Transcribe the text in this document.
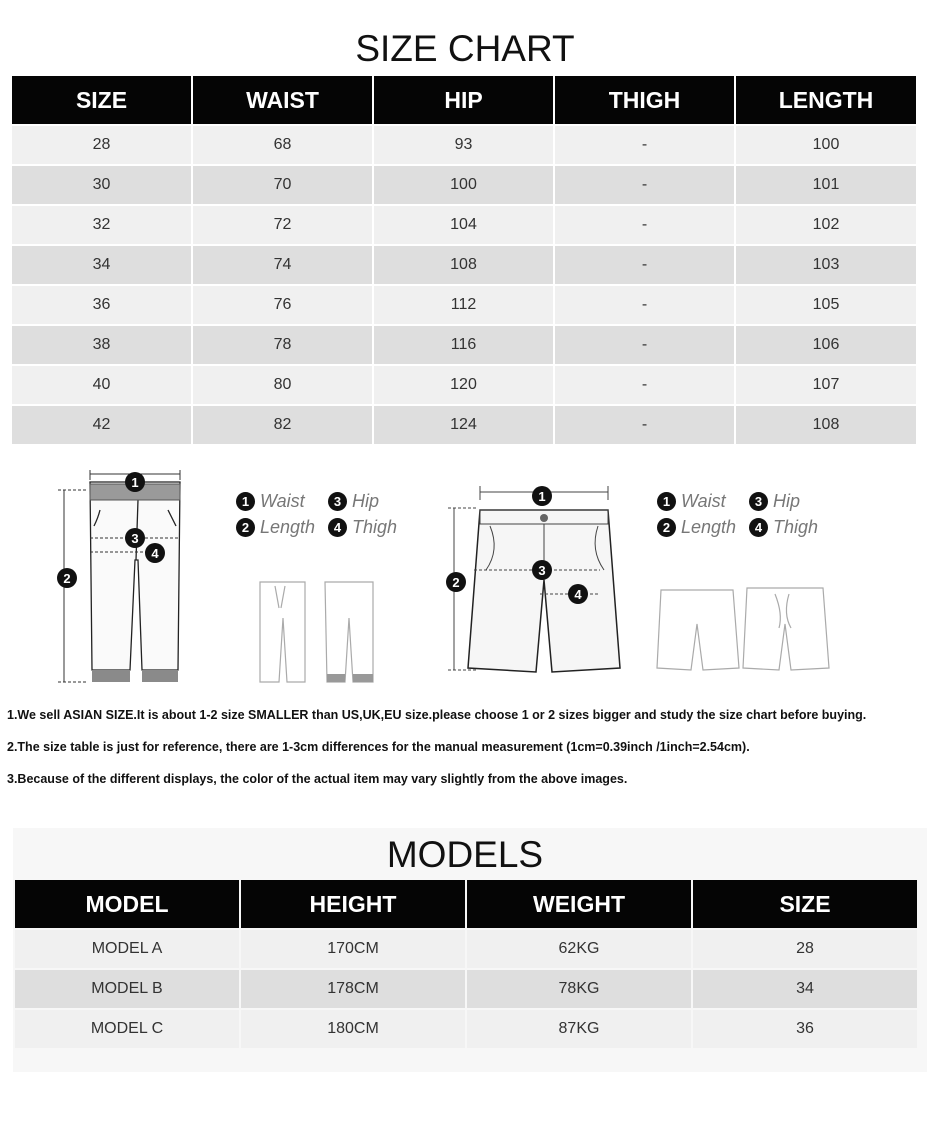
SIZE CHART
SIZE	WAIST	HIP	THIGH	LENGTH
28	68	93	-	100
30	70	100	-	101
32	72	104	-	102
34	74	108	-	103
36	76	112	-	105
38	78	116	-	106
40	80	120	-	107
42	82	124	-	108
1
2
3
4
1 Waist 3 Hip
2 Length 4 Thigh
1
2
3
4
1 Waist 3 Hip
2 Length 4 Thigh

1.We sell ASIAN SIZE.It is about 1-2 size SMALLER than US,UK,EU size.please choose 1 or 2 sizes bigger and study the size chart before buying.

2.The size table is just for reference, there are 1-3cm differences for the manual measurement (1cm=0.39inch /1inch=2.54cm).

3.Because of the different displays, the color of the actual item may vary slightly from the above images.

MODELS
MODEL	HEIGHT	WEIGHT	SIZE
MODEL A	170CM	62KG	28
MODEL B	178CM	78KG	34
MODEL C	180CM	87KG	36
